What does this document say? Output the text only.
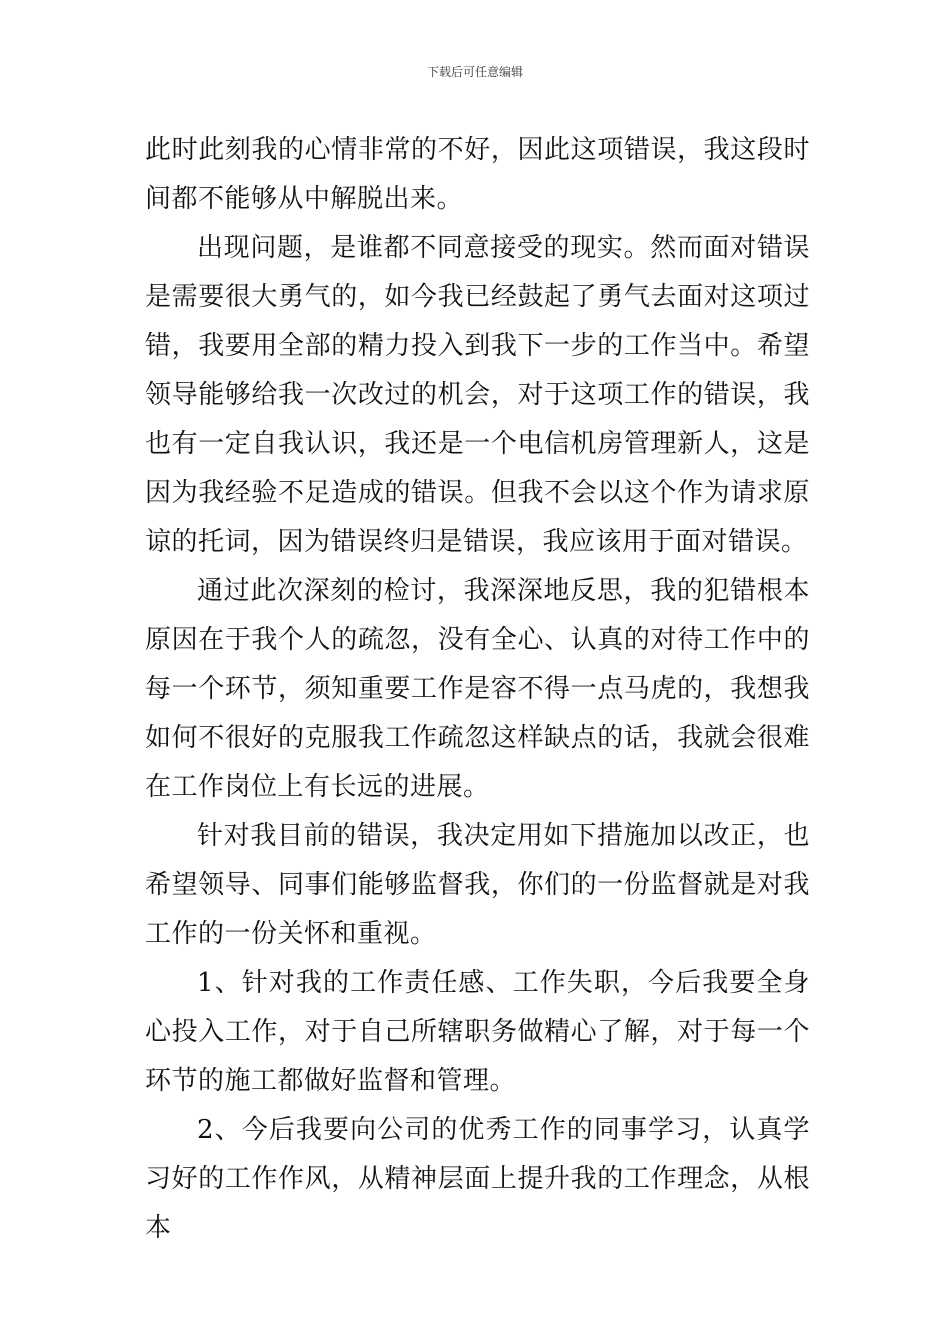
下载后可任意编辑

此时此刻我的心情非常的不好，因此这项错误，我这段时间都不能够从中解脱出来。

出现问题，是谁都不同意接受的现实。然而面对错误是需要很大勇气的，如今我已经鼓起了勇气去面对这项过错，我要用全部的精力投入到我下一步的工作当中。希望领导能够给我一次改过的机会，对于这项工作的错误，我也有一定自我认识，我还是一个电信机房管理新人，这是因为我经验不足造成的错误。但我不会以这个作为请求原谅的托词，因为错误终归是错误，我应该用于面对错误。

通过此次深刻的检讨，我深深地反思，我的犯错根本原因在于我个人的疏忽，没有全心、认真的对待工作中的每一个环节，须知重要工作是容不得一点马虎的，我想我如何不很好的克服我工作疏忽这样缺点的话，我就会很难在工作岗位上有长远的进展。

针对我目前的错误，我决定用如下措施加以改正，也希望领导、同事们能够监督我，你们的一份监督就是对我工作的一份关怀和重视。

1、针对我的工作责任感、工作失职，今后我要全身心投入工作，对于自己所辖职务做精心了解，对于每一个环节的施工都做好监督和管理。

2、今后我要向公司的优秀工作的同事学习，认真学习好的工作作风，从精神层面上提升我的工作理念，从根本
